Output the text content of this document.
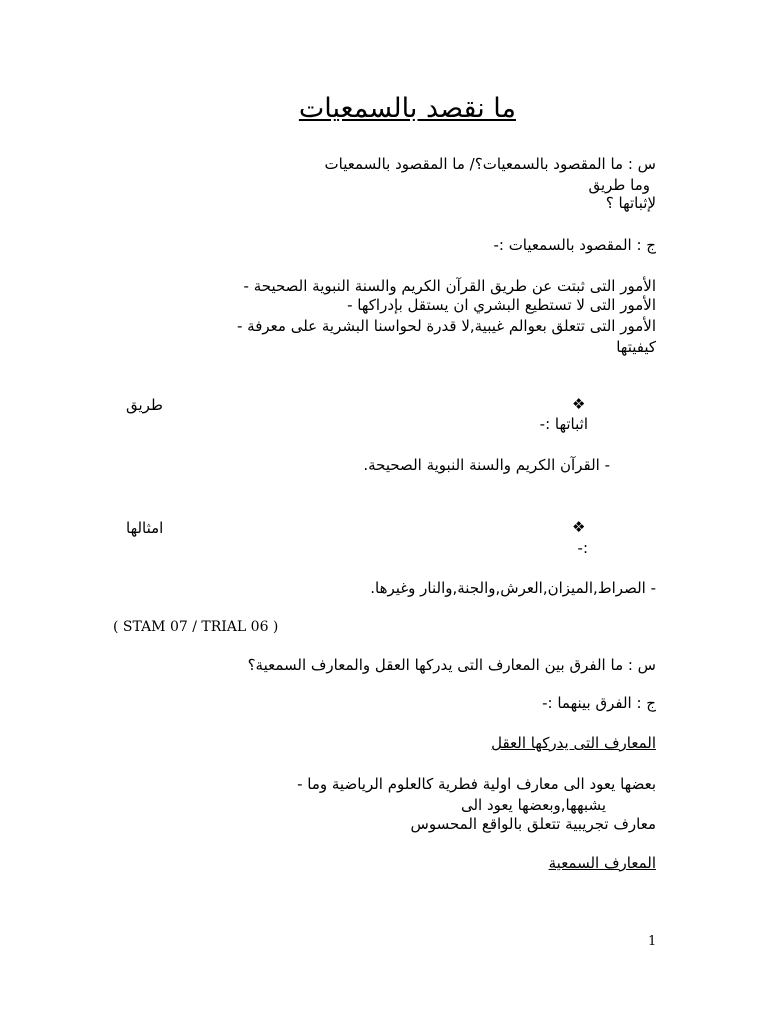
ما نقصد بالسمعيات
س : ما المقصود بالسمعيات؟/ ما المقصود بالسمعيات
وما طريق
لإثباتها ؟
ج : المقصود بالسمعيات :-
الأمور التى ثبتت عن طريق القرآن الكريم والسنة النبوية الصحيحة -
الأمور التى لا تستطيع البشري ان يستقل بإدراكها -
الأمور التى تتعلق بعوالم غيبية,لا قدرة لحواسنا البشرية على معرفة -
كيفيتها
❖
اثباتها :-
طريق
- القرآن الكريم والسنة النبوية الصحيحة.
❖
-:
امثالها
- الصراط,الميزان,العرش,والجنة,والنار وغيرها.
( STAM 07 / TRIAL 06 )
س : ما الفرق بين المعارف التى يدركها العقل والمعارف السمعية؟
ج : الفرق بينهما :-
المعارف التى يدركها العقل
بعضها يعود الى معارف اولية فطرية كالعلوم الرياضية وما -
يشبهها,وبعضها يعود الى
معارف تجريبية تتعلق بالواقع المحسوس
المعارف السمعية
1
